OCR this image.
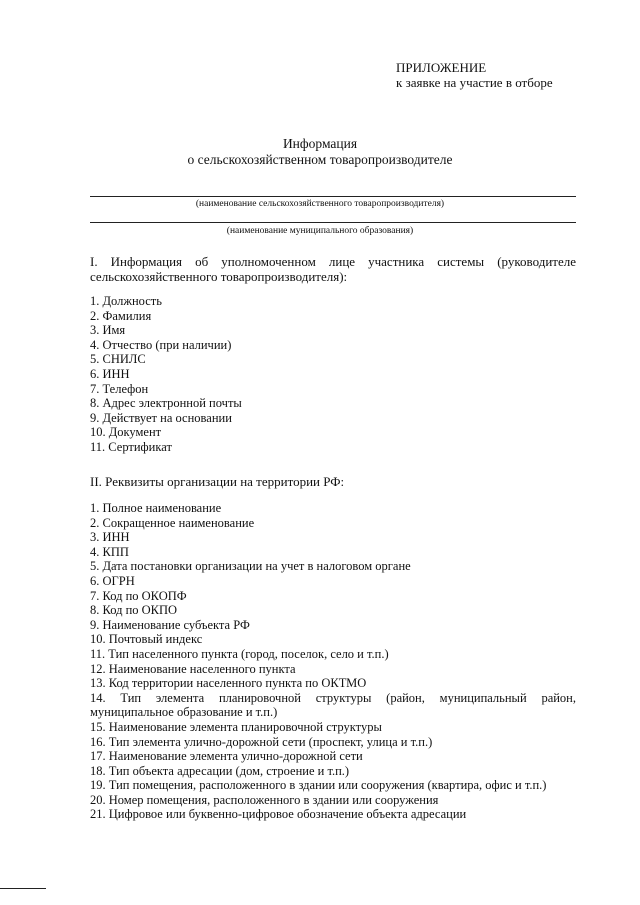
ПРИЛОЖЕНИЕ
к заявке на участие в отборе
Информация
о сельскохозяйственном товаропроизводителе
(наименование сельскохозяйственного товаропроизводителя)
(наименование муниципального образования)
I. Информация об уполномоченном лице участника системы (руководителе сельскохозяйственного товаропроизводителя):
1. Должность
2. Фамилия
3. Имя
4. Отчество (при наличии)
5. СНИЛС
6. ИНН
7. Телефон
8. Адрес электронной почты
9. Действует на основании
10. Документ
11. Сертификат
II. Реквизиты организации на территории РФ:
1. Полное наименование
2. Сокращенное наименование
3. ИНН
4. КПП
5. Дата постановки организации на учет в налоговом органе
6. ОГРН
7. Код по ОКОПФ
8. Код по ОКПО
9. Наименование субъекта РФ
10. Почтовый индекс
11. Тип населенного пункта (город, поселок, село и т.п.)
12. Наименование населенного пункта
13. Код территории населенного пункта по ОКТМО
14. Тип элемента планировочной структуры (район, муниципальный район, муниципальное образование и т.п.)
15. Наименование элемента планировочной структуры
16. Тип элемента улично-дорожной сети (проспект, улица и т.п.)
17. Наименование элемента улично-дорожной сети
18. Тип объекта адресации (дом, строение и т.п.)
19. Тип помещения, расположенного в здании или сооружения (квартира, офис и т.п.)
20. Номер помещения, расположенного в здании или сооружения
21. Цифровое или буквенно-цифровое обозначение объекта адресации
